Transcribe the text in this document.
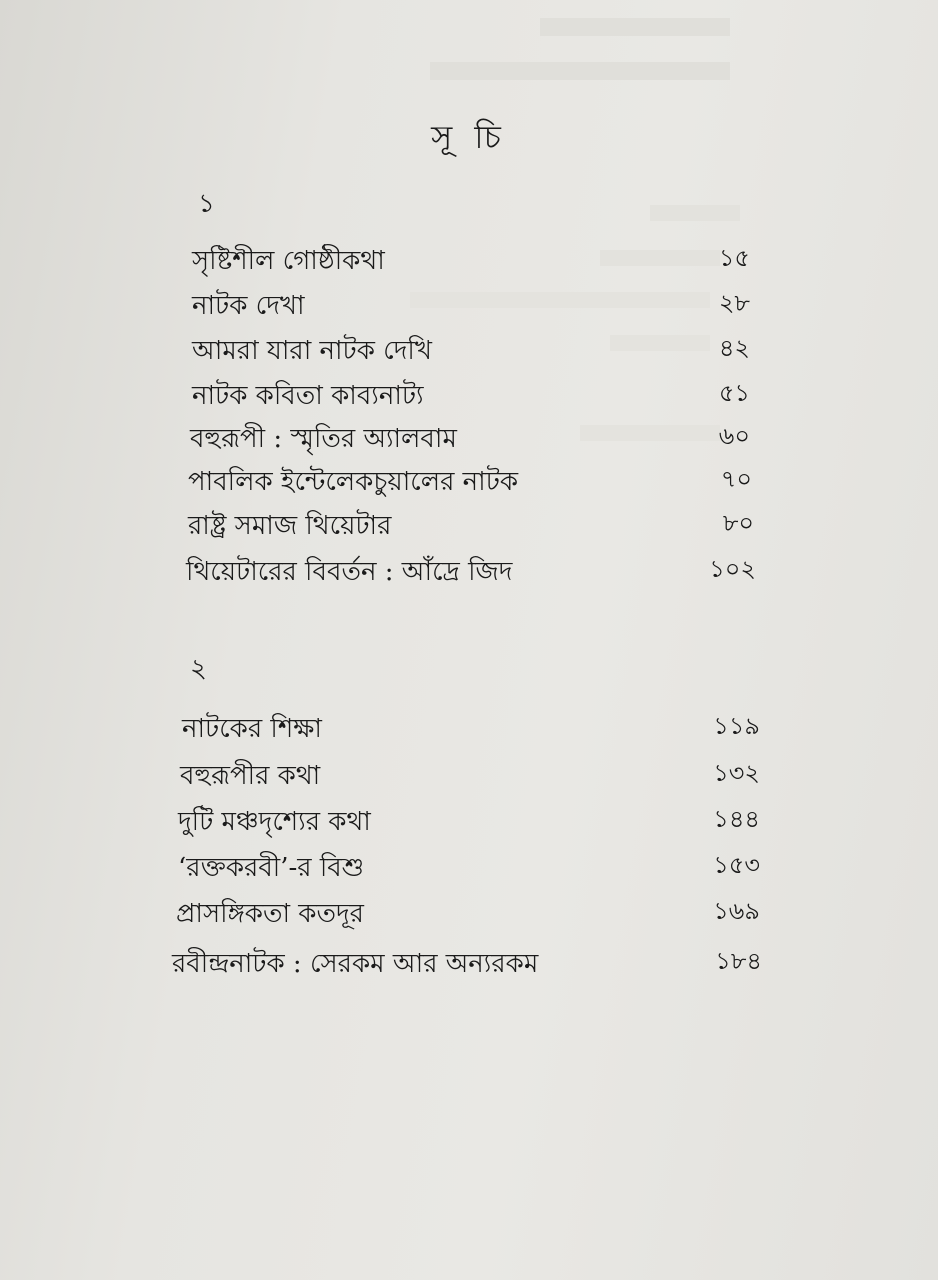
সূ চি
১
সৃষ্টিশীল গোষ্ঠীকথা	১৫
নাটক দেখা	২৮
আমরা যারা নাটক দেখি	৪২
নাটক কবিতা কাব্যনাট্য	৫১
বহুরূপী : স্মৃতির অ্যালবাম	৬০
পাবলিক ইন্টেলেকচুয়ালের নাটক	৭০
রাষ্ট্র সমাজ থিয়েটার	৮০
থিয়েটারের বিবর্তন : আঁদ্রে জিদ	১০২
২
নাটকের শিক্ষা	১১৯
বহুরূপীর কথা	১৩২
দুটি মঞ্চদৃশ্যের কথা	১৪৪
‘রক্তকরবী’-র বিশু	১৫৩
প্রাসঙ্গিকতা কতদূর	১৬৯
রবীন্দ্রনাটক : সেরকম আর অন্যরকম	১৮৪
